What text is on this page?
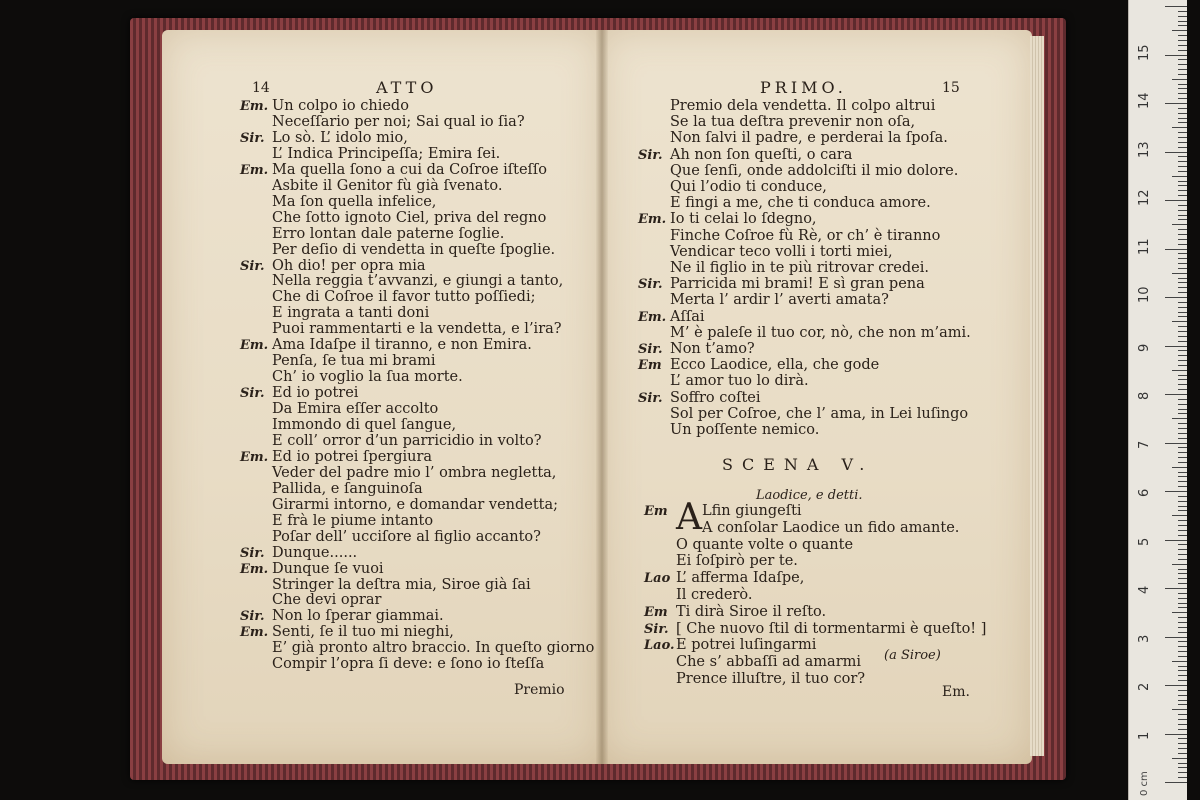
14	ATTO	PRIMO.	15
SCENA V.
Laodice, e detti.
A
(a Siroe)
Premio	Em.
Em. Un colpo io chiedo
Neceſſario per noi; Sai qual io ſia?
Sir. Lo sò. L’ idolo mio,
L’ Indica Principeſſa; Emira ſei.
Em. Ma quella ſono a cui da Coſroe iſteſſo
Asbite il Genitor fù già ſvenato.
Ma ſon quella infelice,
Che ſotto ignoto Ciel, priva del regno
Erro lontan dale paterne ſoglie.
Per deſio di vendetta in queſte ſpoglie.
Sir. Oh dio! per opra mia
Nella reggia t’avvanzi, e giungi a tanto,
Che di Coſroe il favor tutto poſſiedi;
E ingrata a tanti doni
Puoi rammentarti e la vendetta, e l’ira?
Em. Ama Idaſpe il tiranno, e non Emira.
Penſa, ſe tua mi brami
Ch’ io voglio la ſua morte.
Sir. Ed io potrei
Da Emira eſſer accolto
Immondo di quel ſangue,
E coll’ orror d’un parricidio in volto?
Em. Ed io potrei ſpergiura
Veder del padre mio l’ ombra negletta,
Pallida, e ſanguinoſa
Girarmi intorno, e domandar vendetta;
E frà le piume intanto
Poſar dell’ ucciſore al figlio accanto?
Sir. Dunque......
Em. Dunque ſe vuoi
Stringer la deſtra mia, Siroe già ſai
Che devi oprar
Sir. Non lo ſperar giammai.
Em. Senti, ſe il tuo mi nieghi,
E’ già pronto altro braccio. In queſto giorno
Compir l’opra ſi deve: e ſono io ſteſſa
Premio dela vendetta. Il colpo altrui
Se la tua deſtra prevenir non oſa,
Non ſalvi il padre, e perderai la ſpoſa.
Sir. Ah non ſon queſti, o cara
Que ſenſi, onde addolciſti il mio dolore.
Qui l’odio ti conduce,
E fingi a me, che ti conduca amore.
Em. Io ti celai lo ſdegno,
Finche Coſroe fù Rè, or ch’ è tiranno
Vendicar teco volli i torti miei,
Ne il figlio in te più ritrovar credei.
Sir. Parricida mi brami! E sì gran pena
Merta l’ ardir l’ averti amata?
Em. Aſſai
M’ è paleſe il tuo cor, nò, che non m’ami.
Sir. Non t’amo?
Em Ecco Laodice, ella, che gode
L’ amor tuo lo dirà.
Sir. Soffro coſtei
Sol per Coſroe, che l’ ama, in Lei luſingo
Un poſſente nemico.
Em Lfin giungeſti
A conſolar Laodice un fido amante.
O quante volte o quante
Ei ſoſpirò per te.
Lao L’ afferma Idaſpe,
Il crederò.
Em Ti dirà Siroe il reſto.
Sir. [ Che nuovo ſtil di tormentarmi è queſto! ]
Lao. E potrei luſingarmi
Che s’ abbaſſi ad amarmi
Prence illuſtre, il tuo cor?
1
2
3
4
5
6
7
8
9
10
11
12
13
14
15
0 cm
